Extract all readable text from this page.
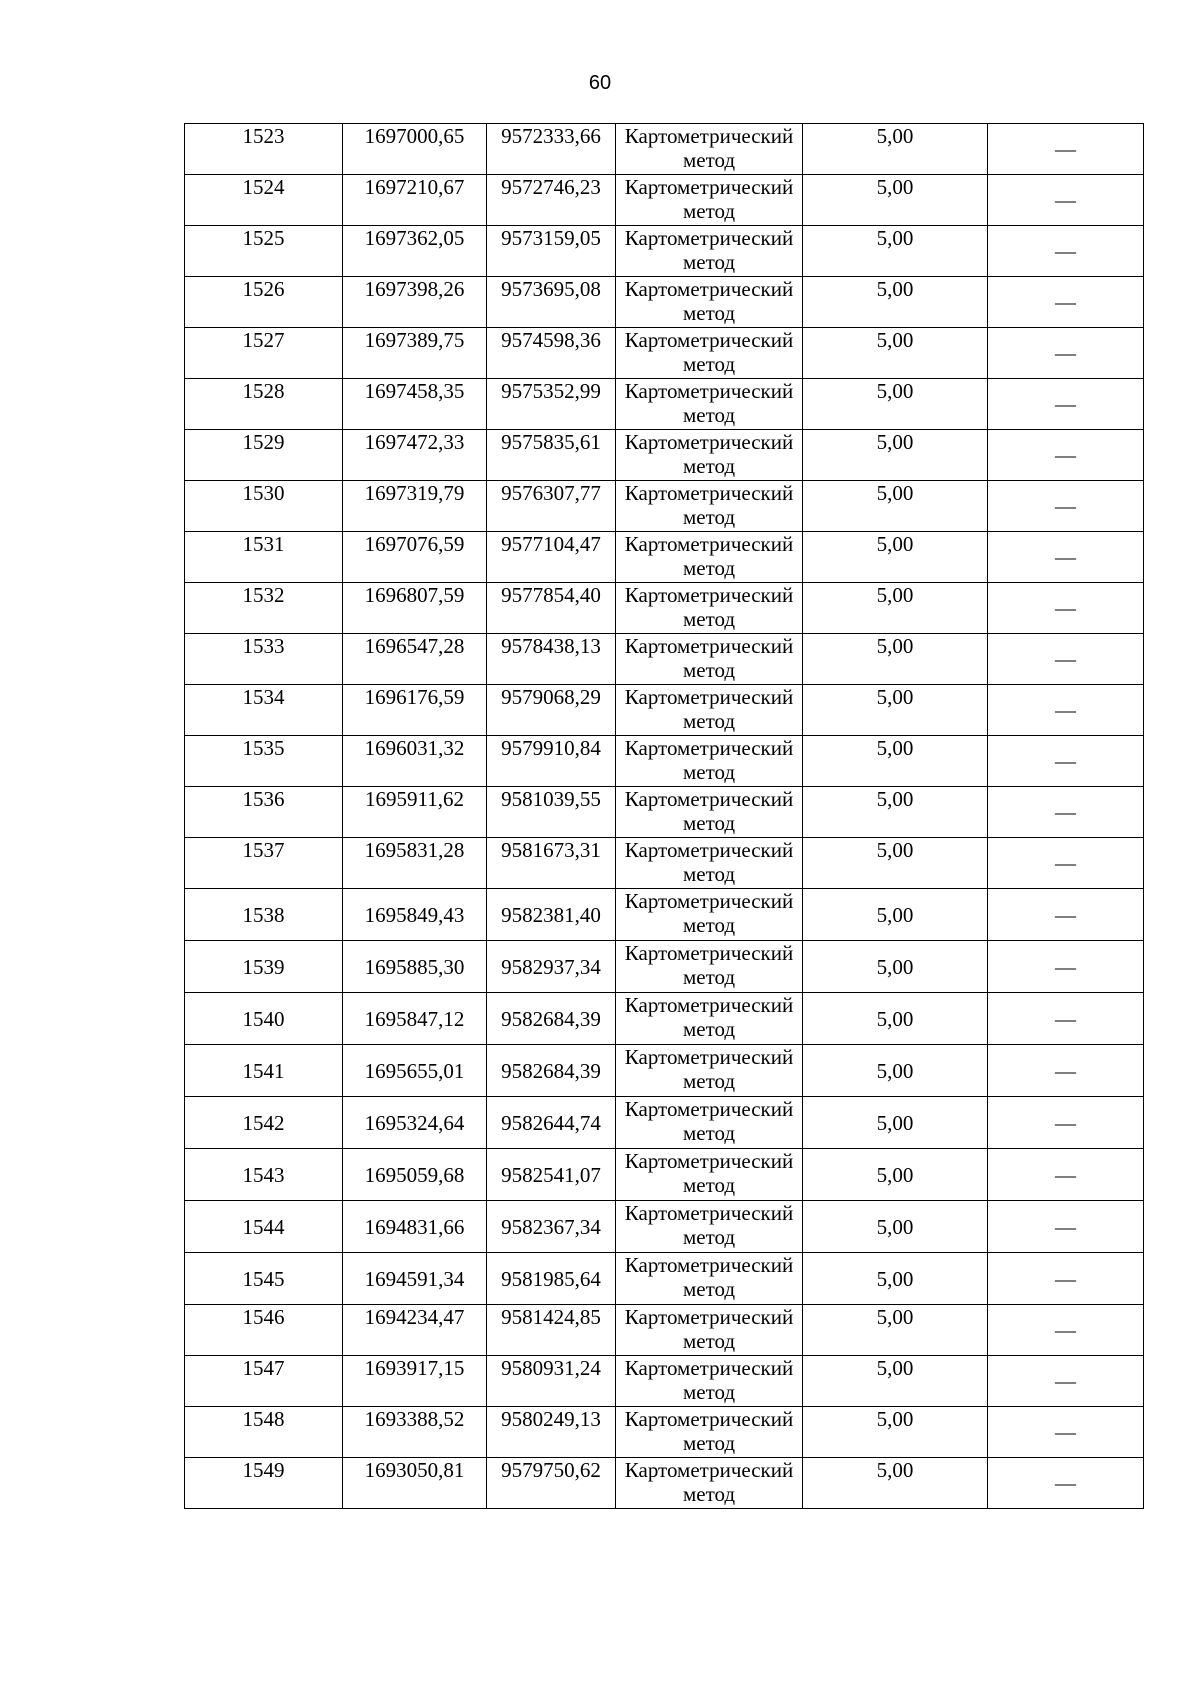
60
1523	1697000,65	9572333,66	Картометрический метод	5,00	—
1524	1697210,67	9572746,23	Картометрический метод	5,00	—
1525	1697362,05	9573159,05	Картометрический метод	5,00	—
1526	1697398,26	9573695,08	Картометрический метод	5,00	—
1527	1697389,75	9574598,36	Картометрический метод	5,00	—
1528	1697458,35	9575352,99	Картометрический метод	5,00	—
1529	1697472,33	9575835,61	Картометрический метод	5,00	—
1530	1697319,79	9576307,77	Картометрический метод	5,00	—
1531	1697076,59	9577104,47	Картометрический метод	5,00	—
1532	1696807,59	9577854,40	Картометрический метод	5,00	—
1533	1696547,28	9578438,13	Картометрический метод	5,00	—
1534	1696176,59	9579068,29	Картометрический метод	5,00	—
1535	1696031,32	9579910,84	Картометрический метод	5,00	—
1536	1695911,62	9581039,55	Картометрический метод	5,00	—
1537	1695831,28	9581673,31	Картометрический метод	5,00	—
1538	1695849,43	9582381,40	Картометрический метод	5,00	—
1539	1695885,30	9582937,34	Картометрический метод	5,00	—
1540	1695847,12	9582684,39	Картометрический метод	5,00	—
1541	1695655,01	9582684,39	Картометрический метод	5,00	—
1542	1695324,64	9582644,74	Картометрический метод	5,00	—
1543	1695059,68	9582541,07	Картометрический метод	5,00	—
1544	1694831,66	9582367,34	Картометрический метод	5,00	—
1545	1694591,34	9581985,64	Картометрический метод	5,00	—
1546	1694234,47	9581424,85	Картометрический метод	5,00	—
1547	1693917,15	9580931,24	Картометрический метод	5,00	—
1548	1693388,52	9580249,13	Картометрический метод	5,00	—
1549	1693050,81	9579750,62	Картометрический метод	5,00	—
